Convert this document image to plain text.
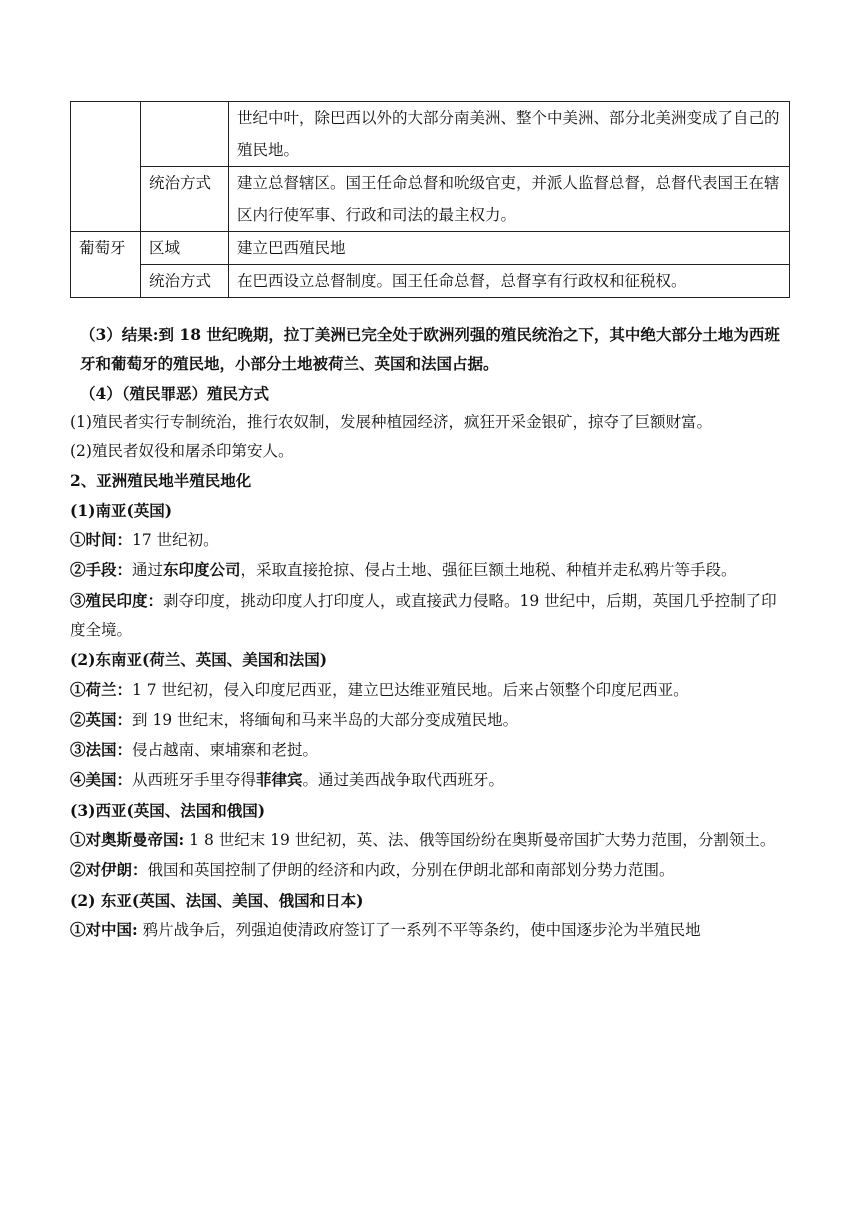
		世纪中叶，除巴西以外的大部分南美洲、整个中美洲、部分北美洲变成了自己的殖民地。
	统治方式	建立总督辖区。国王任命总督和吮级官吏，并派人监督总督，总督代表国王在辖区内行使军事、行政和司法的最主权力。
葡萄牙	区域	建立巴西殖民地
	统治方式	在巴西设立总督制度。国王任命总督，总督享有行政权和征税权。

（3）结果:到 18 世纪晚期，拉丁美洲已完全处于欧洲列强的殖民统治之下，其中绝大部分土地为西班牙和葡萄牙的殖民地，小部分土地被荷兰、英国和法国占据。

（4）（殖民罪恶）殖民方式

(1)殖民者实行专制统治，推行农奴制，发展种植园经济，疯狂开采金银矿，掠夺了巨额财富。

(2)殖民者奴役和屠杀印第安人。

2、亚洲殖民地半殖民地化

(1)南亚(英国)

①时间：17 世纪初。

②手段：通过东印度公司，采取直接抢掠、侵占土地、强征巨额土地税、种植并走私鸦片等手段。

③殖民印度：剥夺印度，挑动印度人打印度人，或直接武力侵略。19 世纪中，后期，英国几乎控制了印度全境。

(2)东南亚(荷兰、英国、美国和法国)

①荷兰：1 7 世纪初，侵入印度尼西亚，建立巴达维亚殖民地。后来占领整个印度尼西亚。

②英国：到 19 世纪末，将缅甸和马来半岛的大部分变成殖民地。

③法国：侵占越南、柬埔寨和老挝。

④美国：从西班牙手里夺得菲律宾。通过美西战争取代西班牙。

(3)西亚(英国、法国和俄国)

①对奥斯曼帝国: 1 8 世纪末 19 世纪初，英、法、俄等国纷纷在奥斯曼帝国扩大势力范围，分割领土。

②对伊朗：俄国和英国控制了伊朗的经济和内政，分别在伊朗北部和南部划分势力范围。

(2) 东亚(英国、法国、美国、俄国和日本)

①对中国: 鸦片战争后，列强迫使清政府签订了一系列不平等条约，使中国逐步沦为半殖民地
